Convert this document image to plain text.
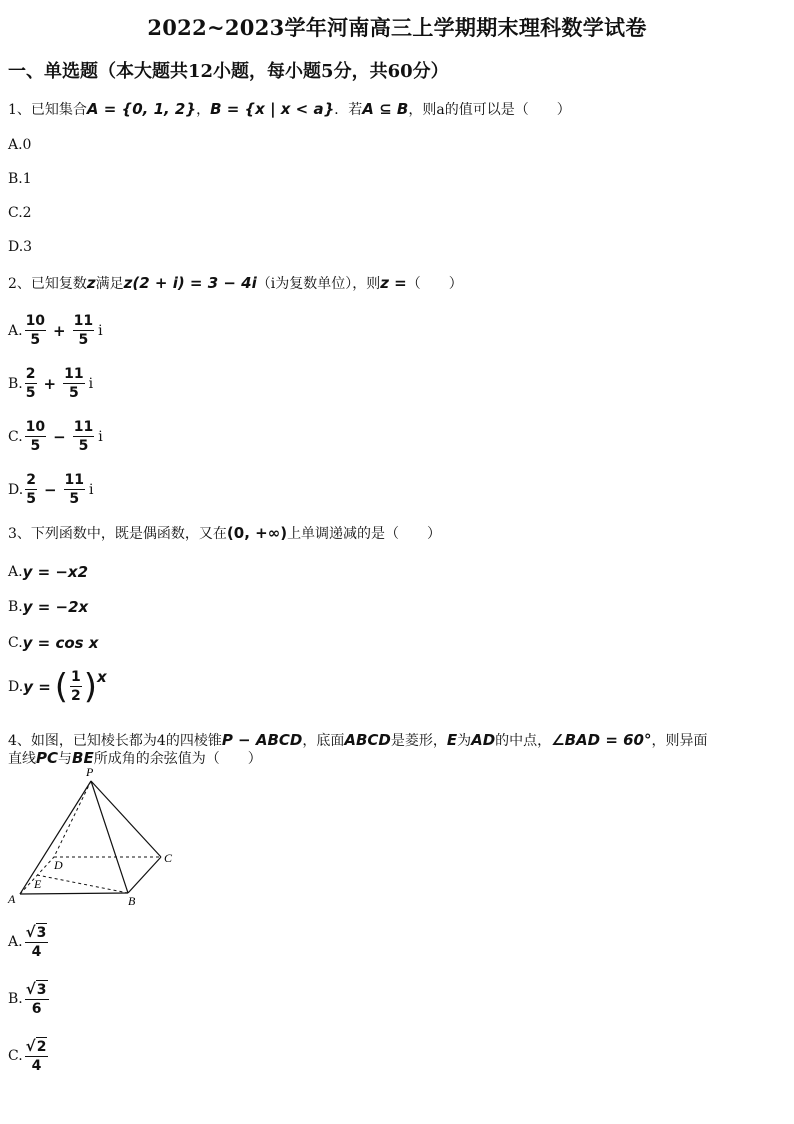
2022~2023学年河南高三上学期期末理科数学试卷
一、单选题（本大题共12小题，每小题5分，共60分）
1、已知集合A = {0, 1, 2}，B = {x | x < a}．若A ⊆ B，则a的值可以是（　　）
A.0
B.1
C.2
D.3
2、已知复数z满足z(2 + i) = 3 − 4i（i为复数单位），则z =（　　）
A. $\frac{10}{5} + \frac{11}{5}$ i
B. $\frac{2}{5} + \frac{11}{5}$ i
C. $\frac{10}{5} - \frac{11}{5}$ i
D. $\frac{2}{5} - \frac{11}{5}$ i
3、下列函数中，既是偶函数，又在(0, +∞)上单调递减的是（　　）
A. y = −x 2
B. y = −2 x
C. y = cos x
D. y = ( $\frac{1}{2}$ ) x
4、如图，已知棱长都为4的四棱锥P − ABCD，底面ABCD是菱形，E为AD的中点，∠BAD = 60°，则异面
直线PC与BE所成角的余弦值为（　　）
P
A	B
C
D
E
A. $\frac{√3}{4}$
B. $\frac{√3}{6}$
C. $\frac{√2}{4}$
